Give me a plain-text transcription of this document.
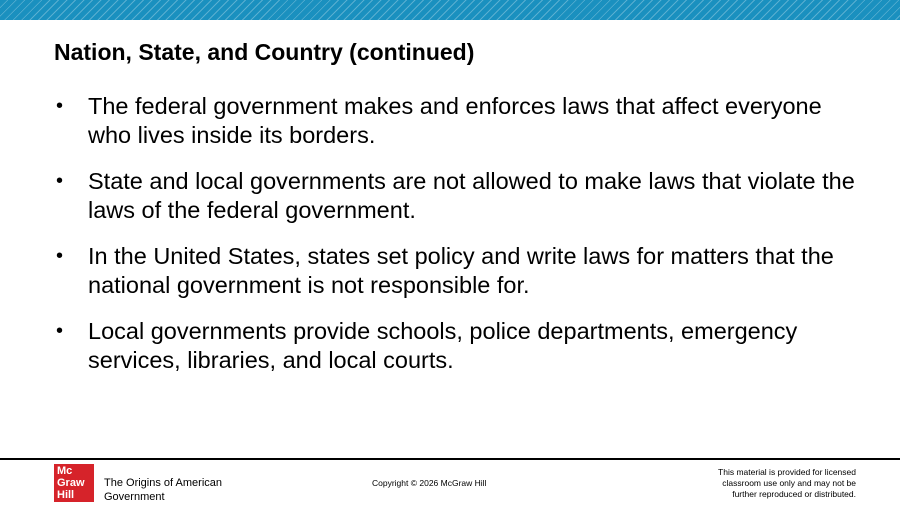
Nation, State, and Country (continued)
• The federal government makes and enforces laws that affect everyone who lives inside its borders.
• State and local governments are not allowed to make laws that violate the laws of the federal government.
• In the United States, states set policy and write laws for matters that the national government is not responsible for.
• Local governments provide schools, police departments, emergency services, libraries, and local courts.
Mc
Graw
Hill
The Origins of American Government
Copyright © 2026 McGraw Hill
This material is provided for licensed
classroom use only and may not be
further reproduced or distributed.
